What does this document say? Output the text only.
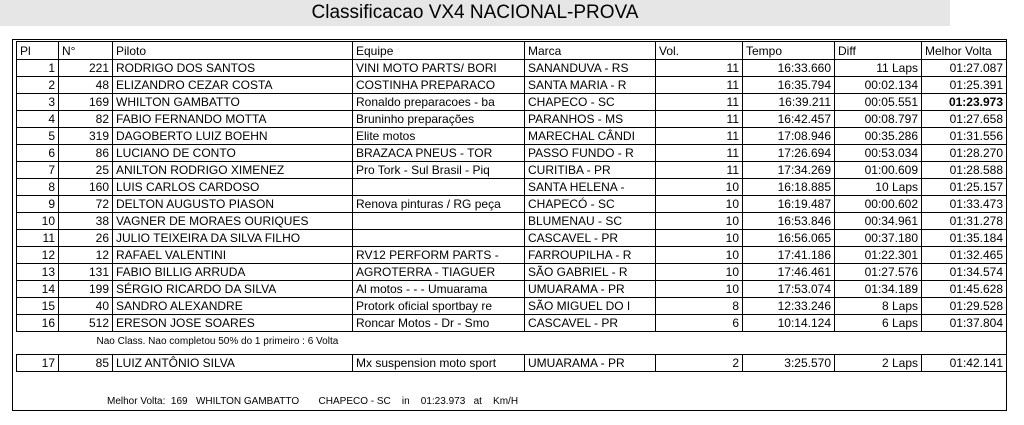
Classificacao VX4 NACIONAL-PROVA
Pl	N°	Piloto	Equipe	Marca	Vol.	Tempo	Diff	Melhor Volta
1	221	RODRIGO DOS SANTOS	VINI MOTO PARTS/ BORI	SANANDUVA - RS	11	16:33.660	11 Laps	01:27.087
2	48	ELIZANDRO CEZAR COSTA	COSTINHA PREPARACO	SANTA MARIA - R	11	16:35.794	00:02.134	01:25.391
3	169	WHILTON GAMBATTO	Ronaldo preparacoes - ba	CHAPECO - SC	11	16:39.211	00:05.551	01:23.973
4	82	FABIO FERNANDO MOTTA	Bruninho preparações	PARANHOS - MS	11	16:42.457	00:08.797	01:27.658
5	319	DAGOBERTO LUIZ BOEHN	Elite motos	MARECHAL CÂNDI	11	17:08.946	00:35.286	01:31.556
6	86	LUCIANO DE CONTO	BRAZACA PNEUS - TOR	PASSO FUNDO - R	11	17:26.694	00:53.034	01:28.270
7	25	ANILTON RODRIGO XIMENEZ	Pro Tork - Sul Brasil - Piq	CURITIBA - PR	11	17:34.269	01:00.609	01:28.588
8	160	LUIS CARLOS CARDOSO		SANTA HELENA -	10	16:18.885	10 Laps	01:25.157
9	72	DELTON AUGUSTO PIASON	Renova pinturas / RG peça	CHAPECÓ - SC	10	16:19.487	00:00.602	01:33.473
10	38	VAGNER DE MORAES OURIQUES		BLUMENAU - SC	10	16:53.846	00:34.961	01:31.278
11	26	JULIO TEIXEIRA DA SILVA FILHO		CASCAVEL - PR	10	16:56.065	00:37.180	01:35.184
12	12	RAFAEL VALENTINI	RV12 PERFORM PARTS -	FARROUPILHA - R	10	17:41.186	01:22.301	01:32.465
13	131	FABIO BILLIG ARRUDA	AGROTERRA - TIAGUER	SÃO GABRIEL - R	10	17:46.461	01:27.576	01:34.574
14	199	SÉRGIO RICARDO DA SILVA	Al motos - - - Umuarama	UMUARAMA - PR	10	17:53.074	01:34.189	01:45.628
15	40	SANDRO ALEXANDRE	Protork oficial sportbay re	SÃO MIGUEL DO I	8	12:33.246	8 Laps	01:29.528
16	512	ERESON JOSE SOARES	Roncar Motos - Dr - Smo	CASCAVEL - PR	6	10:14.124	6 Laps	01:37.804

Nao Class. Nao completou 50% do 1 primeiro : 6 Volta								

17	85	LUIZ ANTÔNIO SILVA	Mx suspension moto sport	UMUARAMA - PR	2	3:25.570	2 Laps	01:42.141
Melhor Volta:  169   WHILTON GAMBATTO       CHAPECO - SC    in    01:23.973   at    Km/H
